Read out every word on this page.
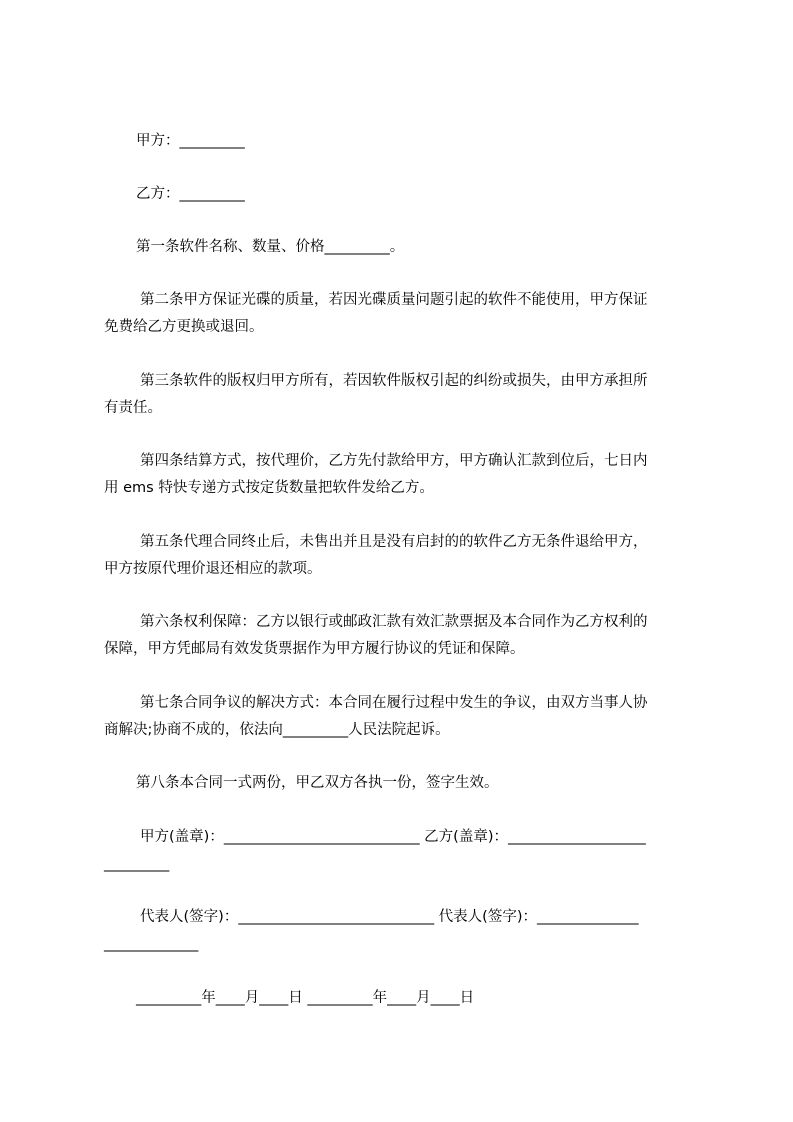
甲方：_________

乙方：_________

第一条软件名称、数量、价格_________。

第二条甲方保证光碟的质量，若因光碟质量问题引起的软件不能使用，甲方保证

免费给乙方更换或退回。

第三条软件的版权归甲方所有，若因软件版权引起的纠纷或损失，由甲方承担所

有责任。

第四条结算方式，按代理价，乙方先付款给甲方，甲方确认汇款到位后，七日内

用 ems 特快专递方式按定货数量把软件发给乙方。

第五条代理合同终止后，未售出并且是没有启封的的软件乙方无条件退给甲方，

甲方按原代理价退还相应的款项。

第六条权利保障：乙方以银行或邮政汇款有效汇款票据及本合同作为乙方权利的

保障，甲方凭邮局有效发货票据作为甲方履行协议的凭证和保障。

第七条合同争议的解决方式：本合同在履行过程中发生的争议，由双方当事人协

商解决;协商不成的，依法向_________人民法院起诉。

第八条本合同一式两份，甲乙双方各执一份，签字生效。

甲方(盖章)：___________________________ 乙方(盖章)：___________________

_________

代表人(签字)：___________________________ 代表人(签字)：______________

_____________

_________年____月____日 _________年____月____日
